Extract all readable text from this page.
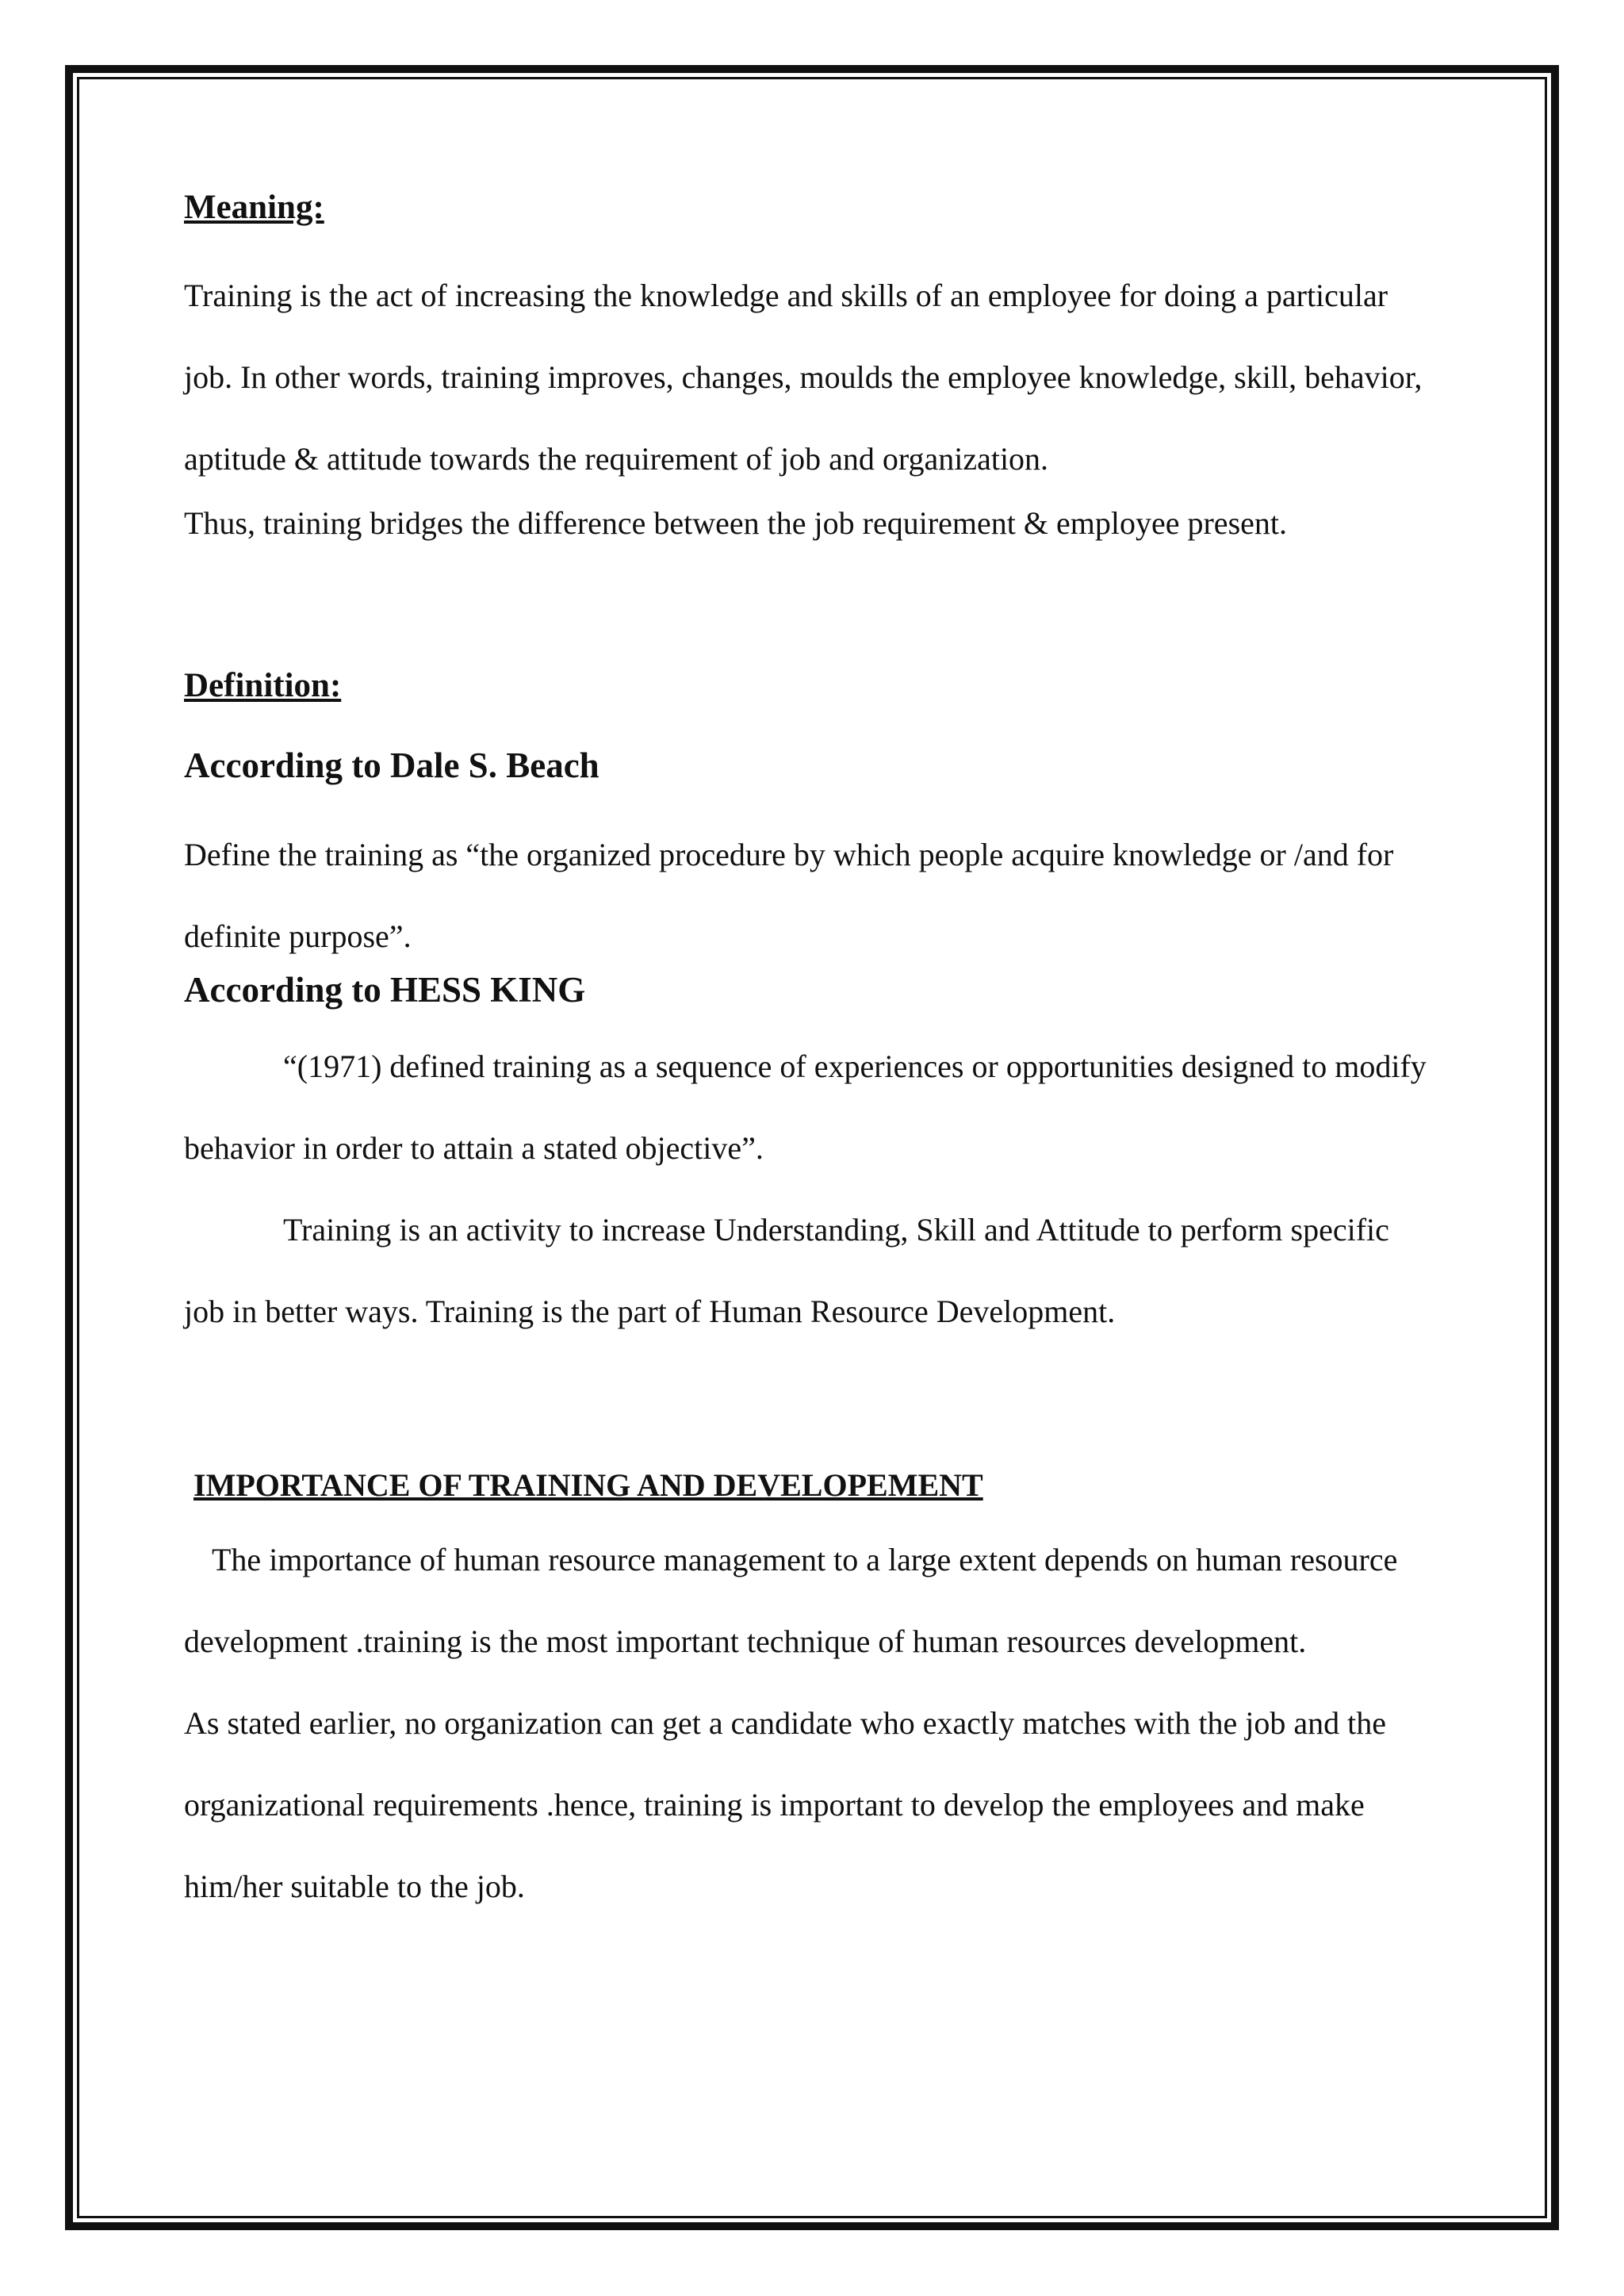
Meaning:

Training is the act of increasing the knowledge and skills of an employee for doing a particular job. In other words, training improves, changes, moulds the employee knowledge, skill, behavior, aptitude & attitude towards the requirement of job and organization.

Thus, training bridges the difference between the job requirement & employee present.

Definition:
According to Dale S. Beach

Define the training as “the organized procedure by which people acquire knowledge or /and for definite purpose”.

According to HESS KING

“(1971) defined training as a sequence of experiences or opportunities designed to modify behavior in order to attain a stated objective”.

Training is an activity to increase Understanding, Skill and Attitude to perform specific job in better ways. Training is the part of Human Resource Development.

IMPORTANCE OF TRAINING AND DEVELOPEMENT

The importance of human resource management to a large extent depends on human resource development .training is the most important technique of human resources development.

As stated earlier, no organization can get a candidate who exactly matches with the job and the organizational requirements .hence, training is important to develop the employees and make him/her suitable to the job.
